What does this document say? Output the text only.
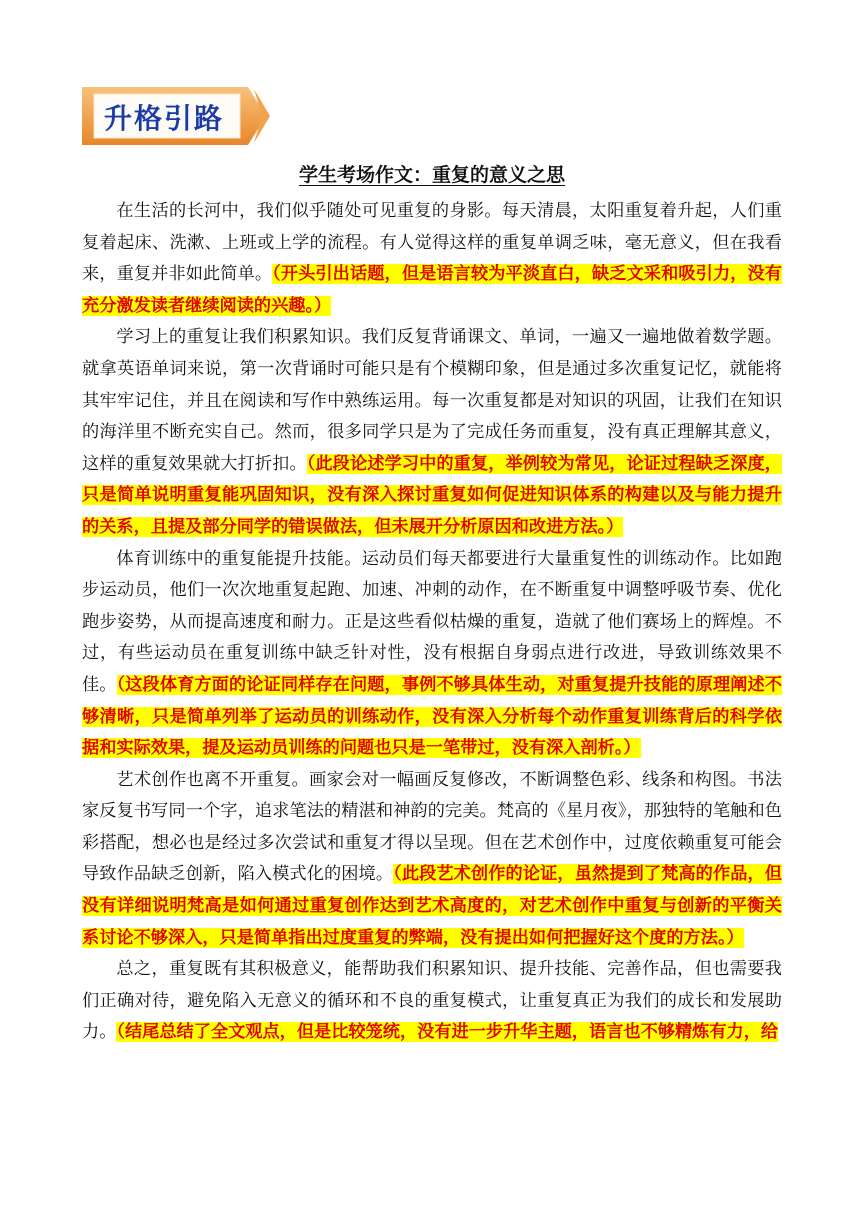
升格引路
学生考场作文：重复的意义之思

在生活的长河中，我们似乎随处可见重复的身影。每天清晨，太阳重复着升起，人们重复着起床、洗漱、上班或上学的流程。有人觉得这样的重复单调乏味，毫无意义，但在我看来，重复并非如此简单。（开头引出话题，但是语言较为平淡直白，缺乏文采和吸引力，没有充分激发读者继续阅读的兴趣。）

学习上的重复让我们积累知识。我们反复背诵课文、单词，一遍又一遍地做着数学题。就拿英语单词来说，第一次背诵时可能只是有个模糊印象，但是通过多次重复记忆，就能将其牢牢记住，并且在阅读和写作中熟练运用。每一次重复都是对知识的巩固，让我们在知识的海洋里不断充实自己。然而，很多同学只是为了完成任务而重复，没有真正理解其意义，这样的重复效果就大打折扣。（此段论述学习中的重复，举例较为常见，论证过程缺乏深度，只是简单说明重复能巩固知识，没有深入探讨重复如何促进知识体系的构建以及与能力提升的关系，且提及部分同学的错误做法，但未展开分析原因和改进方法。）

体育训练中的重复能提升技能。运动员们每天都要进行大量重复性的训练动作。比如跑步运动员，他们一次次地重复起跑、加速、冲刺的动作，在不断重复中调整呼吸节奏、优化跑步姿势，从而提高速度和耐力。正是这些看似枯燥的重复，造就了他们赛场上的辉煌。不过，有些运动员在重复训练中缺乏针对性，没有根据自身弱点进行改进，导致训练效果不佳。（这段体育方面的论证同样存在问题，事例不够具体生动，对重复提升技能的原理阐述不够清晰，只是简单列举了运动员的训练动作，没有深入分析每个动作重复训练背后的科学依据和实际效果，提及运动员训练的问题也只是一笔带过，没有深入剖析。）

艺术创作也离不开重复。画家会对一幅画反复修改，不断调整色彩、线条和构图。书法家反复书写同一个字，追求笔法的精湛和神韵的完美。梵高的《星月夜》，那独特的笔触和色彩搭配，想必也是经过多次尝试和重复才得以呈现。但在艺术创作中，过度依赖重复可能会导致作品缺乏创新，陷入模式化的困境。（此段艺术创作的论证，虽然提到了梵高的作品，但没有详细说明梵高是如何通过重复创作达到艺术高度的，对艺术创作中重复与创新的平衡关系讨论不够深入，只是简单指出过度重复的弊端，没有提出如何把握好这个度的方法。）

总之，重复既有其积极意义，能帮助我们积累知识、提升技能、完善作品，但也需要我们正确对待，避免陷入无意义的循环和不良的重复模式，让重复真正为我们的成长和发展助力。（结尾总结了全文观点，但是比较笼统，没有进一步升华主题，语言也不够精炼有力，给
